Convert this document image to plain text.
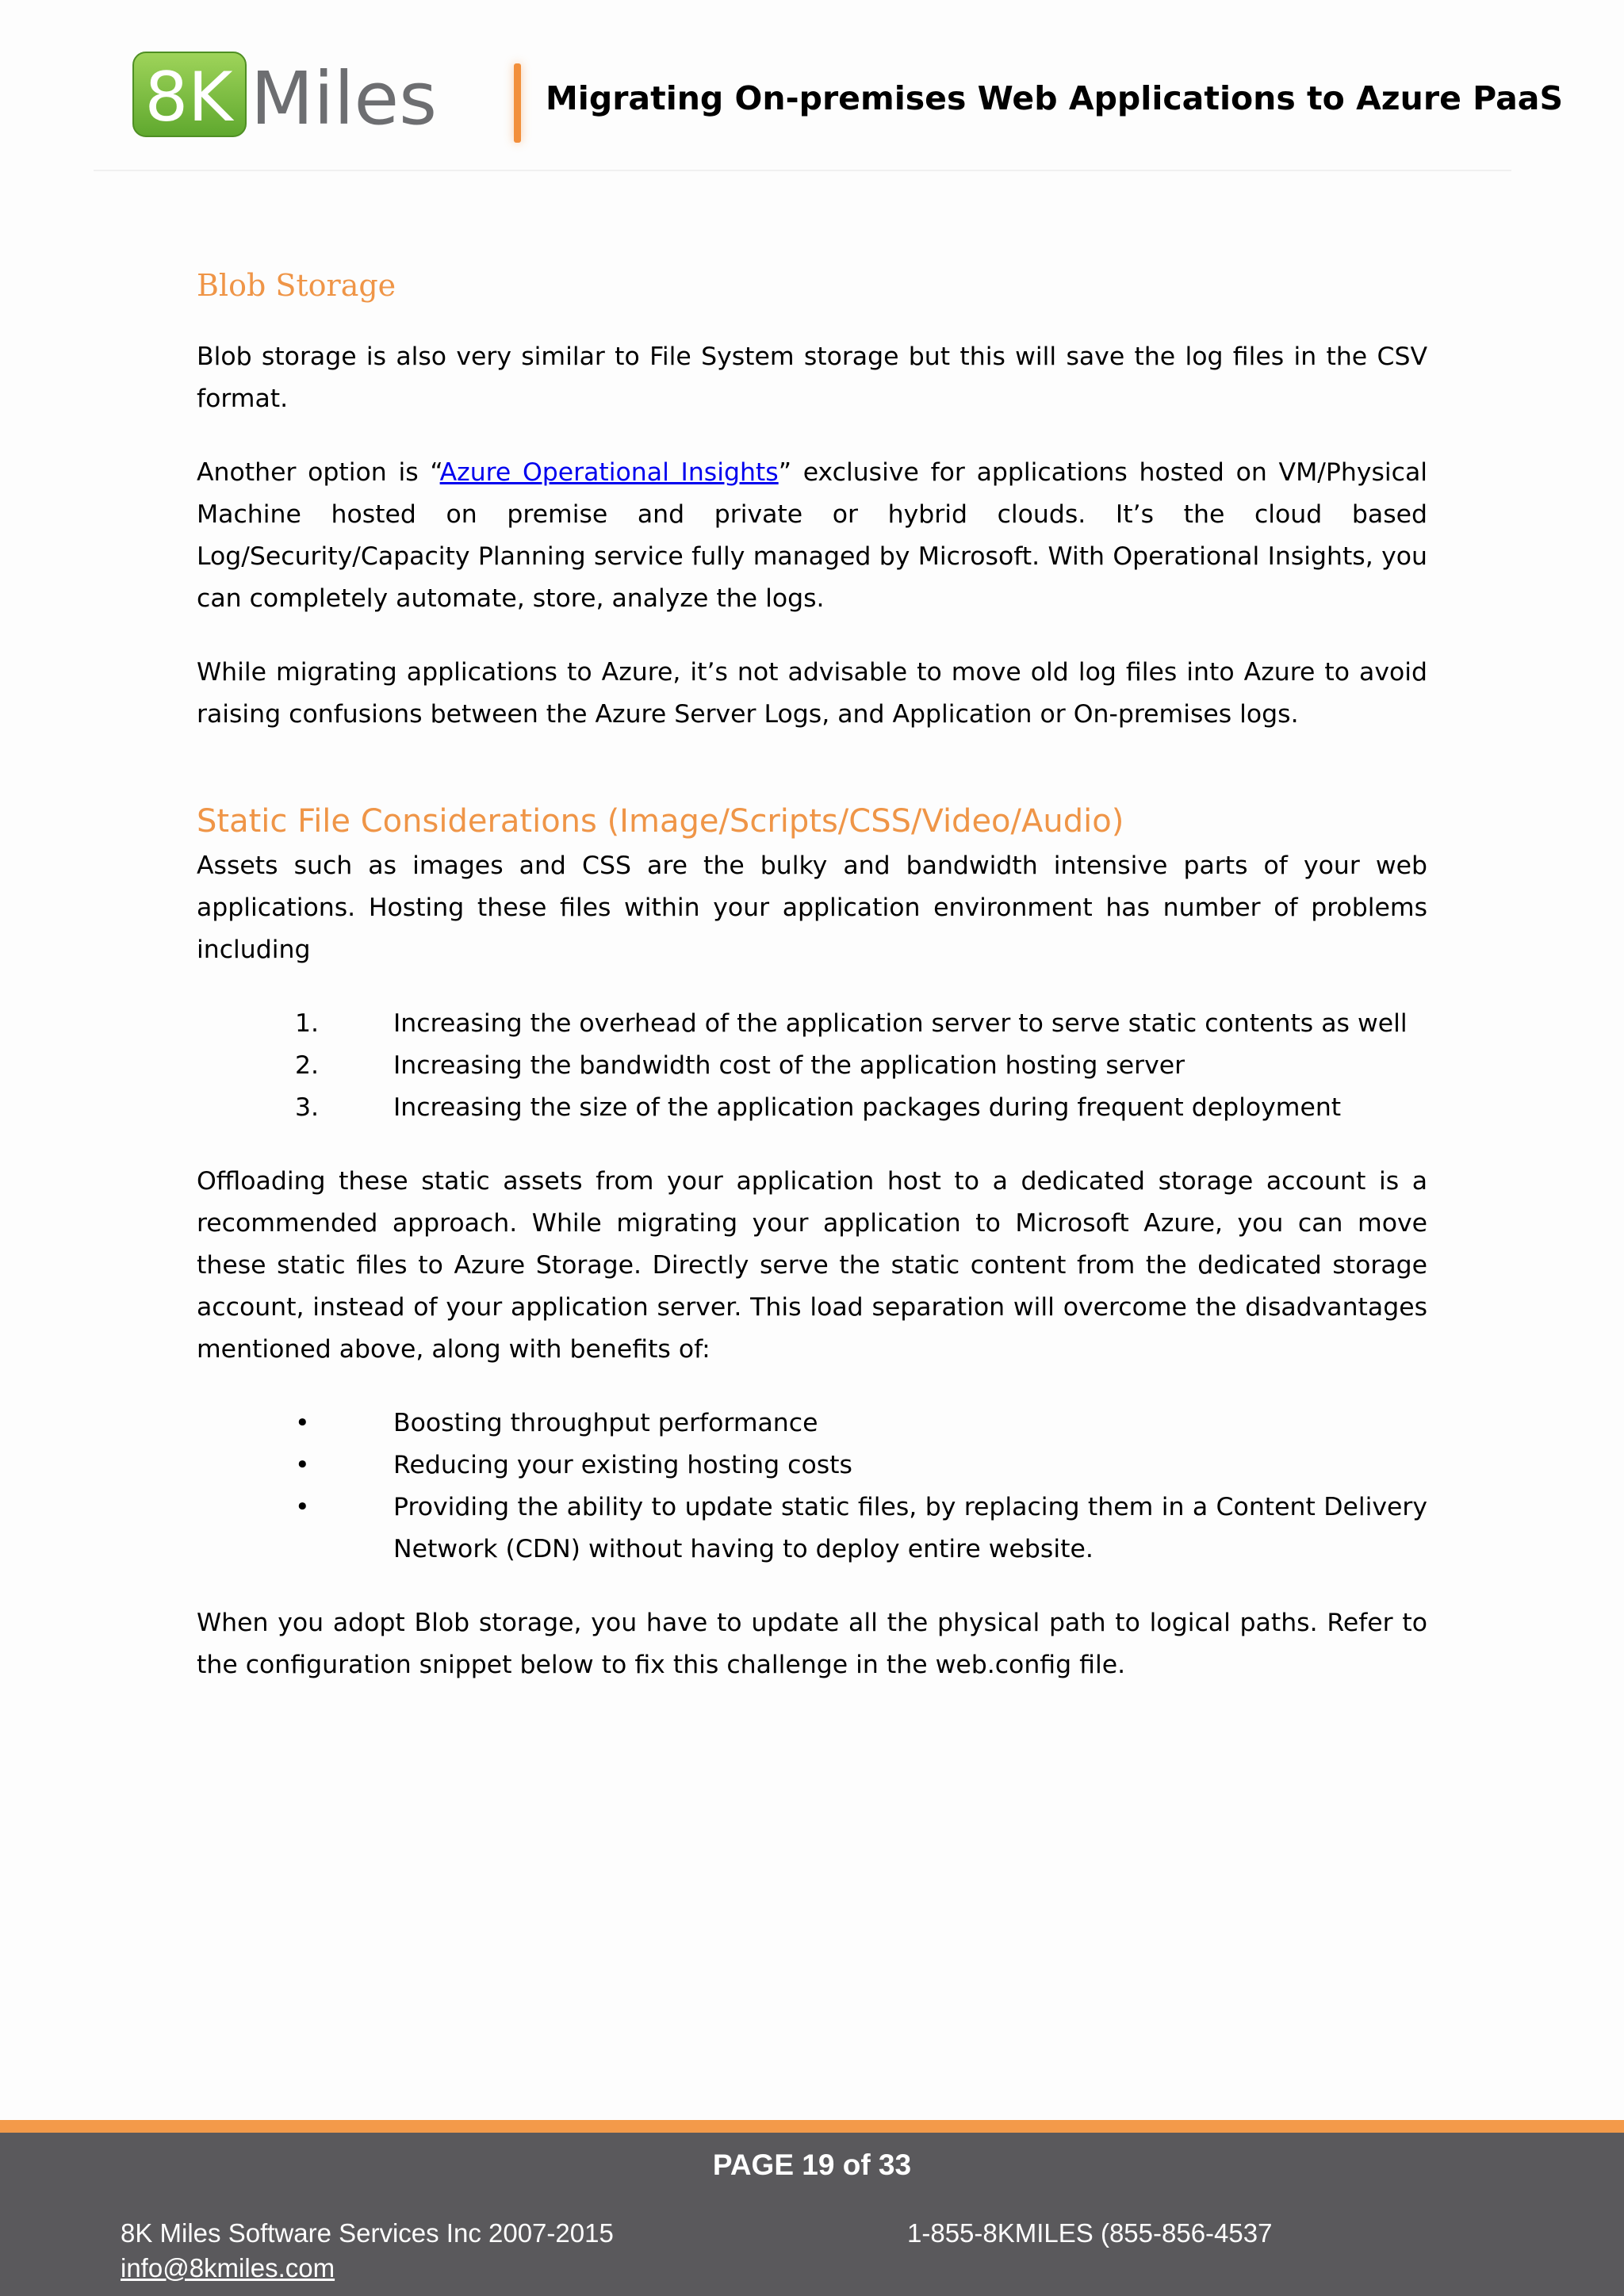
8K Miles	Migrating On-premises Web Applications to Azure PaaS
Blob Storage

Blob storage is also very similar to File System storage but this will save the log files in the CSV format.

Another option is “Azure Operational Insights” exclusive for applications hosted on VM/Physical Machine hosted on premise and private or hybrid clouds. It’s the cloud based Log/Security/Capacity Planning service fully managed by Microsoft. With Operational Insights, you can completely automate, store, analyze the logs.

While migrating applications to Azure, it’s not advisable to move old log files into Azure to avoid raising confusions between the Azure Server Logs, and Application or On-premises logs.

Static File Considerations (Image/Scripts/CSS/Video/Audio)

Assets such as images and CSS are the bulky and bandwidth intensive parts of your web applications. Hosting these files within your application environment has number of problems including

1.	Increasing the overhead of the application server to serve static contents as well
2.	Increasing the bandwidth cost of the application hosting server
3.	Increasing the size of the application packages during frequent deployment

Offloading these static assets from your application host to a dedicated storage account is a recommended approach. While migrating your application to Microsoft Azure, you can move these static files to Azure Storage. Directly serve the static content from the dedicated storage account, instead of your application server. This load separation will overcome the disadvantages mentioned above, along with benefits of:

•	Boosting throughput performance
•	Reducing your existing hosting costs
•	Providing the ability to update static files, by replacing them in a Content Delivery Network (CDN) without having to deploy entire website.

When you adopt Blob storage, you have to update all the physical path to logical paths. Refer to the configuration snippet below to fix this challenge in the web.config file.

PAGE 19 of 33
8K Miles Software Services Inc 2007-2015	1-855-8KMILES (855-856-4537
info@8kmiles.com
